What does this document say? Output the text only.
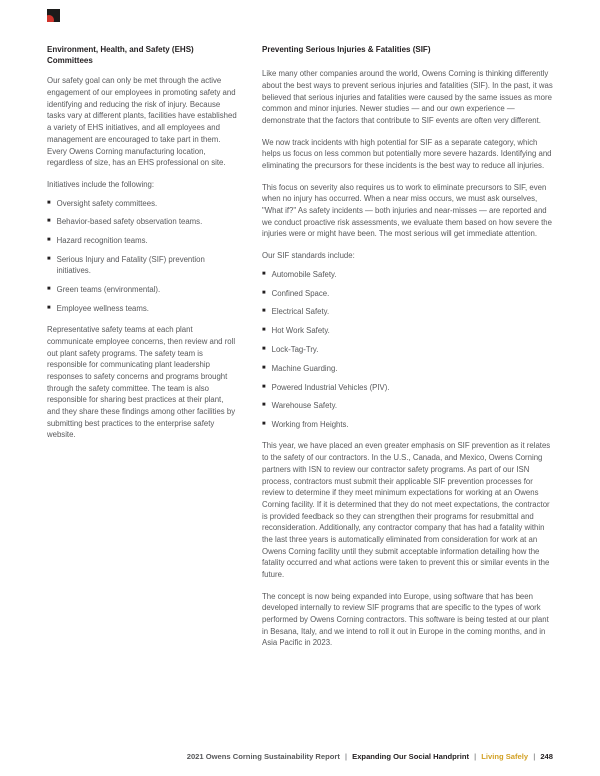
Environment, Health, and Safety (EHS) Committees

Our safety goal can only be met through the active engagement of our employees in promoting safety and identifying and reducing the risk of injury. Because tasks vary at different plants, facilities have established a variety of EHS initiatives, and all employees and management are encouraged to take part in them. Every Owens Corning manufacturing location, regardless of size, has an EHS professional on site.

Initiatives include the following:

■ Oversight safety committees.
■ Behavior-based safety observation teams.
■ Hazard recognition teams.
■ Serious Injury and Fatality (SIF) prevention initiatives.
■ Green teams (environmental).
■ Employee wellness teams.

Representative safety teams at each plant communicate employee concerns, then review and roll out plant safety programs. The safety team is responsible for communicating plant leadership responses to safety concerns and programs brought through the safety committee. The team is also responsible for sharing best practices at their plant, and they share these findings among other facilities by submitting best practices to the enterprise safety website.

Preventing Serious Injuries & Fatalities (SIF)

Like many other companies around the world, Owens Corning is thinking differently about the best ways to prevent serious injuries and fatalities (SIF). In the past, it was believed that serious injuries and fatalities were caused by the same issues as more common and minor injuries. Newer studies — and our own experience — demonstrate that the factors that contribute to SIF events are often very different.

We now track incidents with high potential for SIF as a separate category, which helps us focus on less common but potentially more severe hazards. Identifying and eliminating the precursors for these incidents is the best way to reduce all injuries.

This focus on severity also requires us to work to eliminate precursors to SIF, even when no injury has occurred. When a near miss occurs, we must ask ourselves, "What if?" As safety incidents — both injuries and near-misses — are reported and we conduct proactive risk assessments, we evaluate them based on how severe the injuries were or might have been. The most serious will get immediate attention.

Our SIF standards include:

■ Automobile Safety.
■ Confined Space.
■ Electrical Safety.
■ Hot Work Safety.
■ Lock-Tag-Try.
■ Machine Guarding.
■ Powered Industrial Vehicles (PIV).
■ Warehouse Safety.
■ Working from Heights.

This year, we have placed an even greater emphasis on SIF prevention as it relates to the safety of our contractors. In the U.S., Canada, and Mexico, Owens Corning partners with ISN to review our contractor safety programs. As part of our ISN process, contractors must submit their applicable SIF prevention processes for review to determine if they meet minimum expectations for working at an Owens Corning facility. If it is determined that they do not meet expectations, the contractor is provided feedback so they can strengthen their programs for resubmittal and reconsideration. Additionally, any contractor company that has had a fatality within the last three years is automatically eliminated from consideration for work at an Owens Corning facility until they submit acceptable information detailing how the fatality occurred and what actions were taken to prevent this or similar events in the future.

The concept is now being expanded into Europe, using software that has been developed internally to review SIF programs that are specific to the types of work performed by Owens Corning contractors. This software is being tested at our plant in Besana, Italy, and we intend to roll it out in Europe in the coming months, and in Asia Pacific in 2023.

2021 Owens Corning Sustainability Report | Expanding Our Social Handprint | Living Safely | 248
